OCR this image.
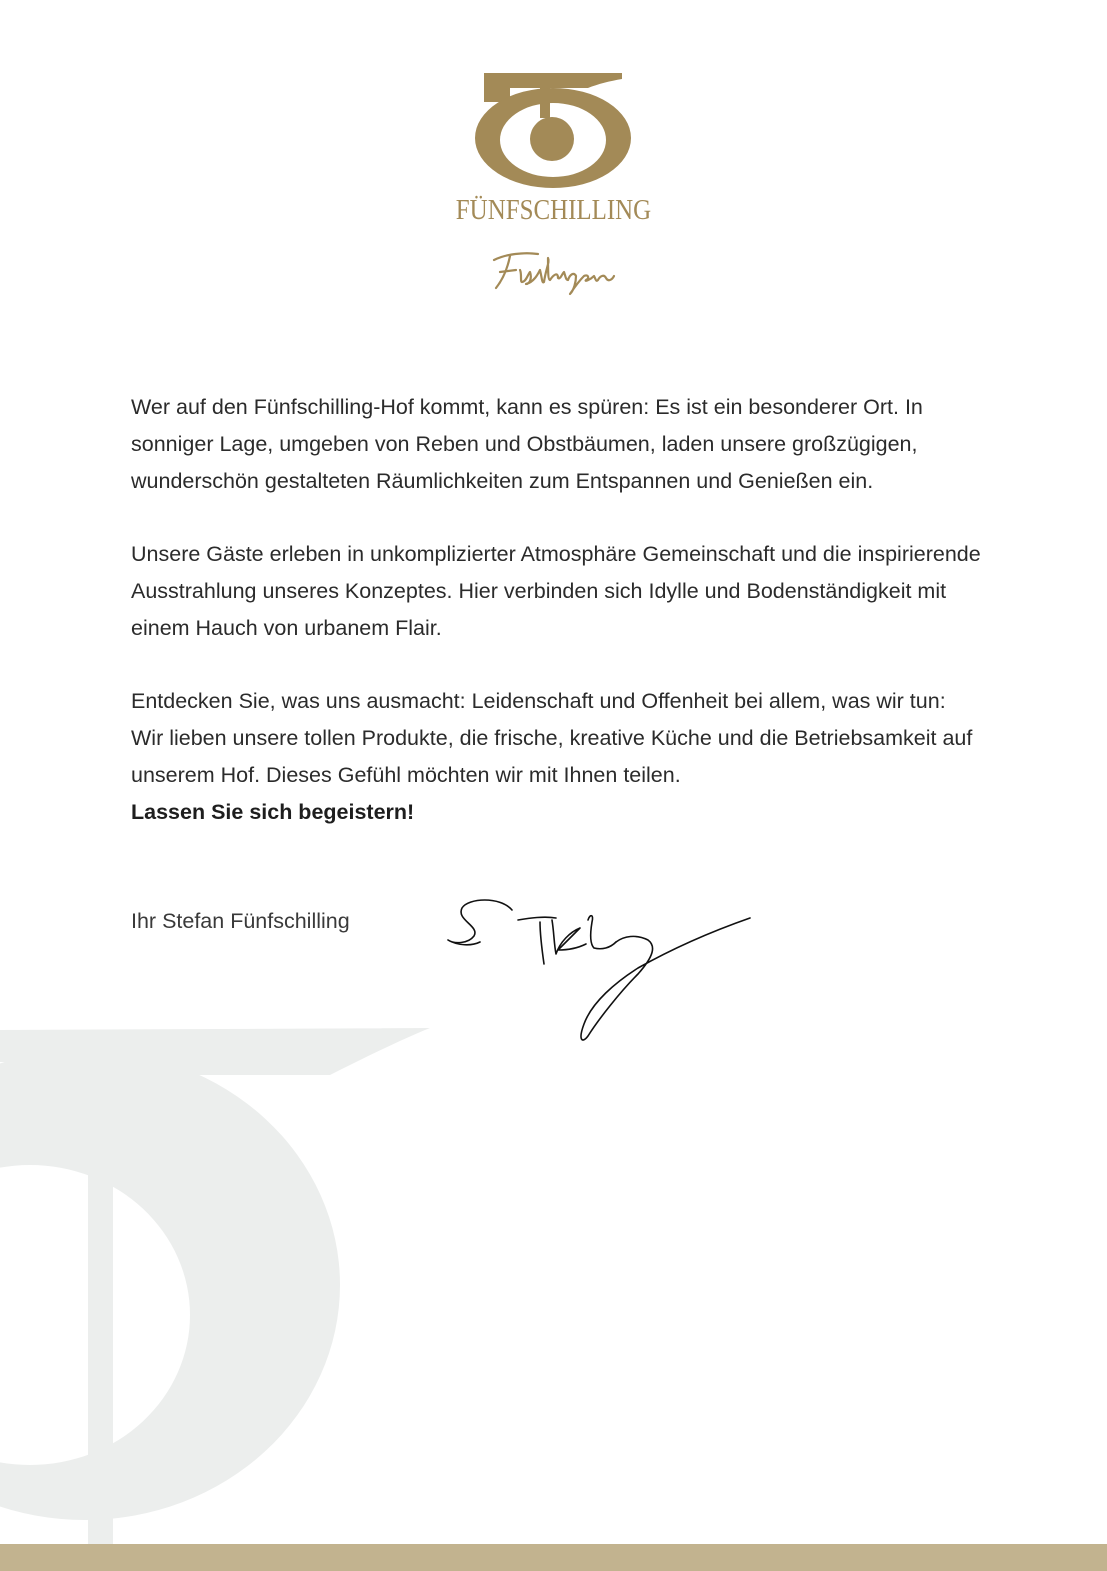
FÜNFSCHILLING

Wer auf den Fünfschilling-Hof kommt, kann es spüren: Es ist ein besonderer Ort. In sonniger Lage, umgeben von Reben und Obstbäumen, laden unsere großzügigen, wunderschön gestalteten Räumlichkeiten zum Entspannen und Genießen ein.

Unsere Gäste erleben in unkomplizierter Atmosphäre Gemeinschaft und die inspirierende Ausstrahlung unseres Konzeptes. Hier verbinden sich Idylle und Bodenständigkeit mit einem Hauch von urbanem Flair.

Entdecken Sie, was uns ausmacht: Leidenschaft und Offenheit bei allem, was wir tun: Wir lieben unsere tollen Produkte, die frische, kreative Küche und die Betriebsamkeit auf unserem Hof. Dieses Gefühl möchten wir mit Ihnen teilen.
Lassen Sie sich begeistern!

Ihr Stefan Fünfschilling
